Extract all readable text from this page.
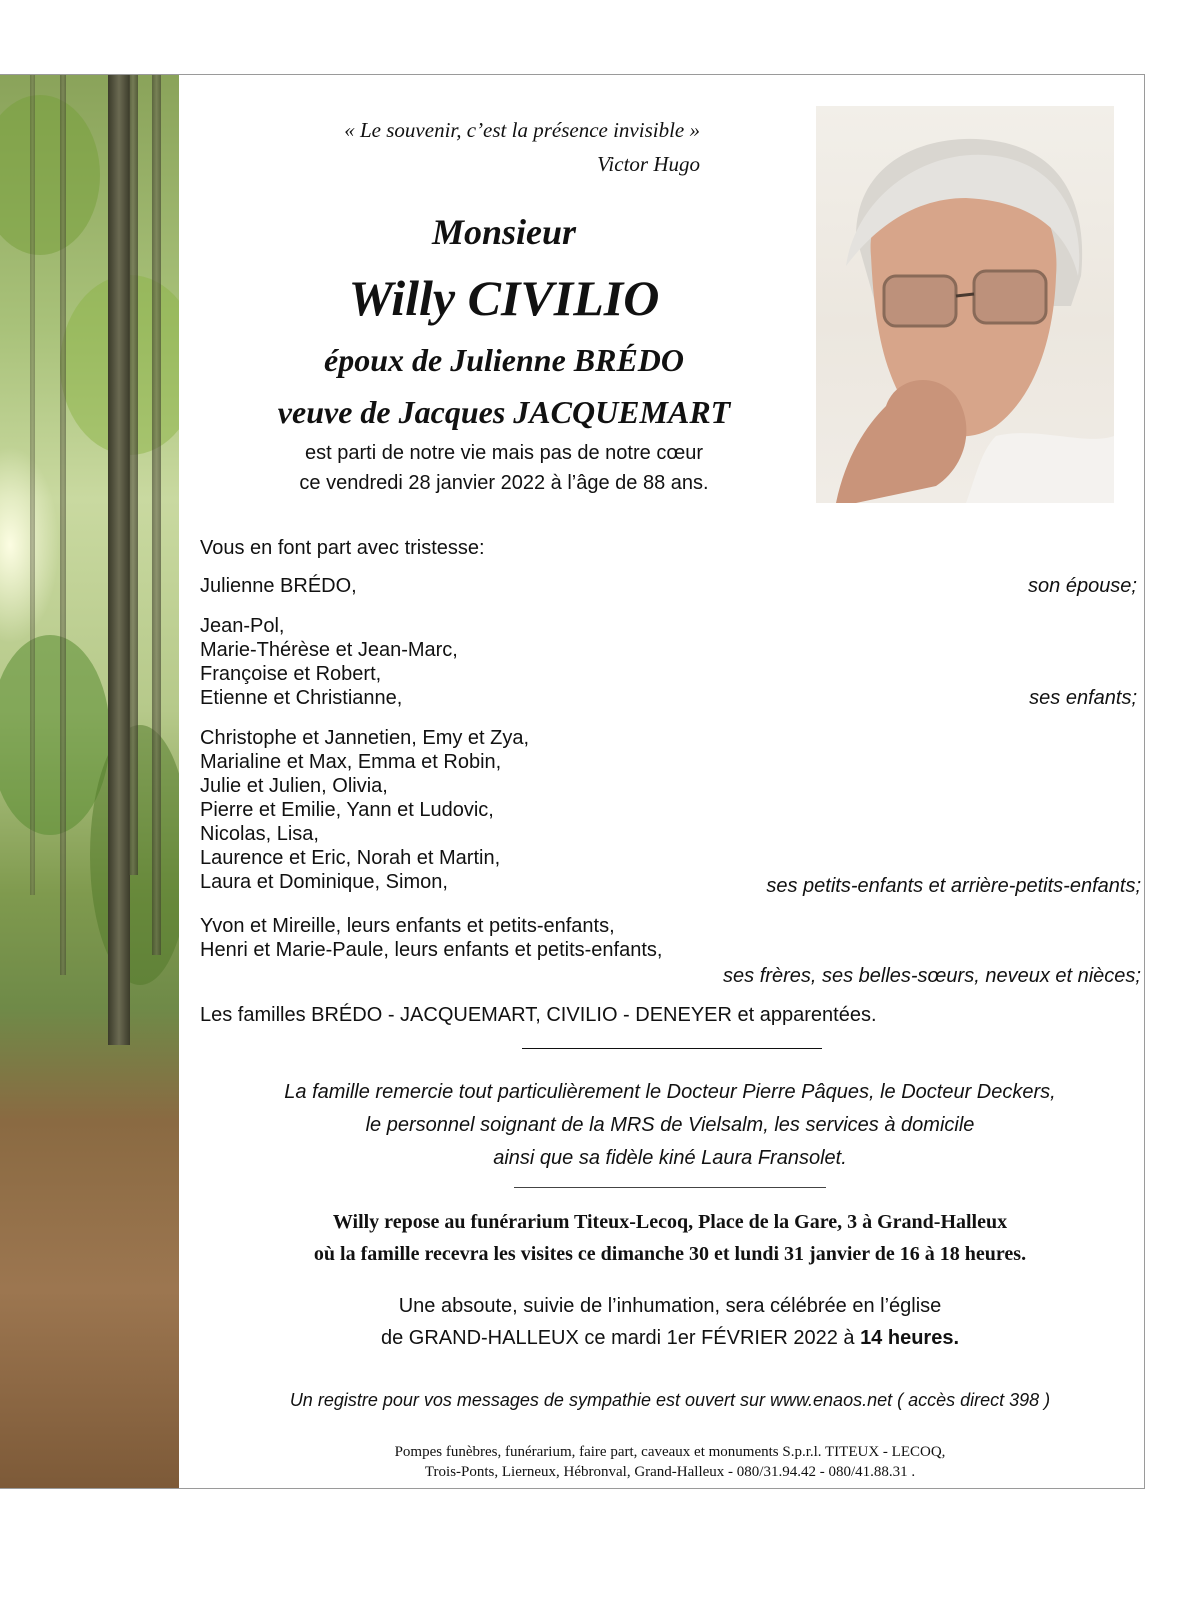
« Le souvenir, c’est la présence invisible »
Victor Hugo
Monsieur
Willy CIVILIO
époux de Julienne BRÉDO
veuve de Jacques JACQUEMART
est parti de notre vie mais pas de notre cœur
ce vendredi 28 janvier 2022 à l’âge de 88 ans.
Vous en font part avec tristesse:
Julienne BRÉDO,	son épouse;
Jean-Pol,
Marie-Thérèse et Jean-Marc,
Françoise et Robert,
Etienne et Christianne,	ses enfants;
Christophe et Jannetien, Emy et Zya,
Marialine et Max, Emma et Robin,
Julie et Julien, Olivia,
Pierre et Emilie, Yann et Ludovic,
Nicolas, Lisa,
Laurence et Eric, Norah et Martin,
Laura et Dominique, Simon,	ses petits-enfants et arrière-petits-enfants;
Yvon et Mireille, leurs enfants et petits-enfants,
Henri et Marie-Paule, leurs enfants et petits-enfants,
ses frères, ses belles-sœurs, neveux et nièces;
Les familles BRÉDO - JACQUEMART, CIVILIO - DENEYER et apparentées.
La famille remercie tout particulièrement le Docteur Pierre Pâques, le Docteur Deckers,
le personnel soignant de la MRS de Vielsalm, les services à domicile
ainsi que sa fidèle kiné Laura Fransolet.
Willy repose au funérarium Titeux-Lecoq, Place de la Gare, 3 à Grand-Halleux
où la famille recevra les visites ce dimanche 30 et lundi 31 janvier de 16 à 18 heures.
Une absoute, suivie de l’inhumation, sera célébrée en l’église
de GRAND-HALLEUX ce mardi 1er FÉVRIER 2022 à 14 heures.
Un registre pour vos messages de sympathie est ouvert sur www.enaos.net ( accès direct 398 )
Pompes funèbres, funérarium, faire part, caveaux et monuments S.p.r.l. TITEUX - LECOQ,
Trois-Ponts, Lierneux, Hébronval, Grand-Halleux - 080/31.94.42 - 080/41.88.31 .
